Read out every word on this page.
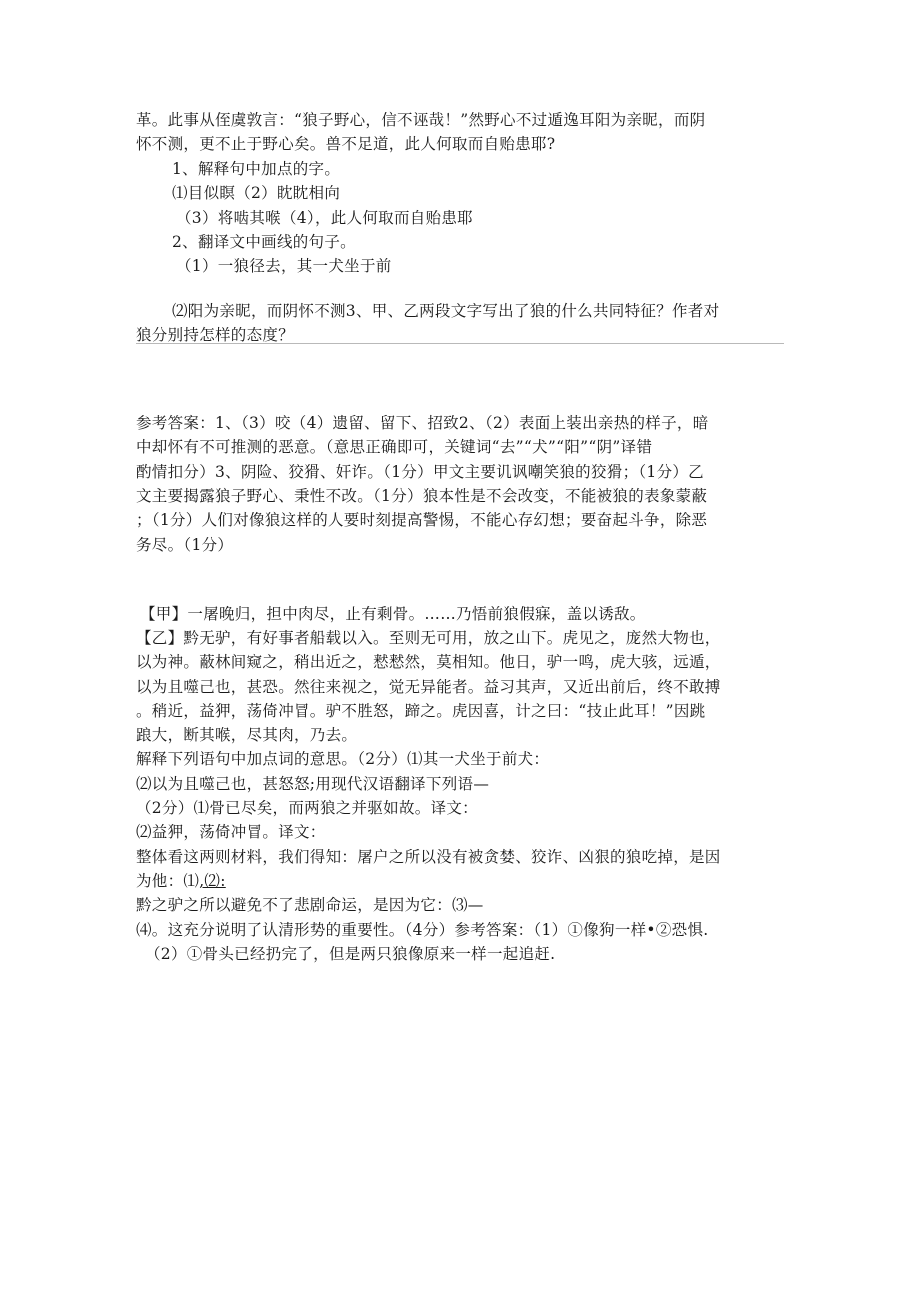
革。此事从侄虞敦言：“狼子野心，信不诬哉！”然野心不过遁逸耳阳为亲昵，而阴
怀不测，更不止于野心矣。兽不足道，此人何取而自贻患耶?
1、解释句中加点的字。
⑴目似瞑（2）眈眈相向
（3）将啮其喉（4），此人何取而自贻患耶
2、翻译文中画线的句子。
（1）一狼径去，其一犬坐于前
⑵阳为亲昵，而阴怀不测3、甲、乙两段文字写出了狼的什么共同特征？作者对
狼分别持怎样的态度？
参考答案：1、（3）咬（4）遗留、留下、招致2、（2）表面上装出亲热的样子，暗
中却怀有不可推测的恶意。（意思正确即可，关键词“去”“犬”“阳”“阴”译错
酌情扣分）3、阴险、狡猾、奸诈。（1分）甲文主要讥讽嘲笑狼的狡猾；（1分）乙
文主要揭露狼子野心、秉性不改。（1分）狼本性是不会改变，不能被狼的表象蒙蔽
；（1分）人们对像狼这样的人要时刻提高警惕，不能心存幻想；要奋起斗争，除恶
务尽。（1分）
【甲】一屠晚归，担中肉尽，止有剩骨。……乃悟前狼假寐，盖以诱敌。
【乙】黔无驴，有好事者船载以入。至则无可用，放之山下。虎见之，庞然大物也，
以为神。蔽林间窥之，稍出近之，慭慭然，莫相知。他日，驴一鸣，虎大骇，远遁，
以为且噬己也，甚恐。然往来视之，觉无异能者。益习其声，又近出前后，终不敢搏
。稍近，益狎，荡倚冲冒。驴不胜怒，蹄之。虎因喜，计之曰：“技止此耳！”因跳
踉大，断其喉，尽其肉，乃去。
解释下列语句中加点词的意思。（2分）⑴其一犬坐于前犬：
⑵以为且噬己也，甚怒怒;用现代汉语翻译下列语—
（2分）⑴骨已尽矣，而两狼之并驱如故。译文：
⑵益狎，荡倚冲冒。译文：
整体看这两则材料，我们得知：屠户之所以没有被贪婪、狡诈、凶狠的狼吃掉，是因
为他：⑴,⑵:
黔之驴之所以避免不了悲剧命运，是因为它：⑶—
⑷。这充分说明了认清形势的重要性。（4分）参考答案：（1）①像狗一样•②恐惧.
（2）①骨头已经扔完了，但是两只狼像原来一样一起追赶.
